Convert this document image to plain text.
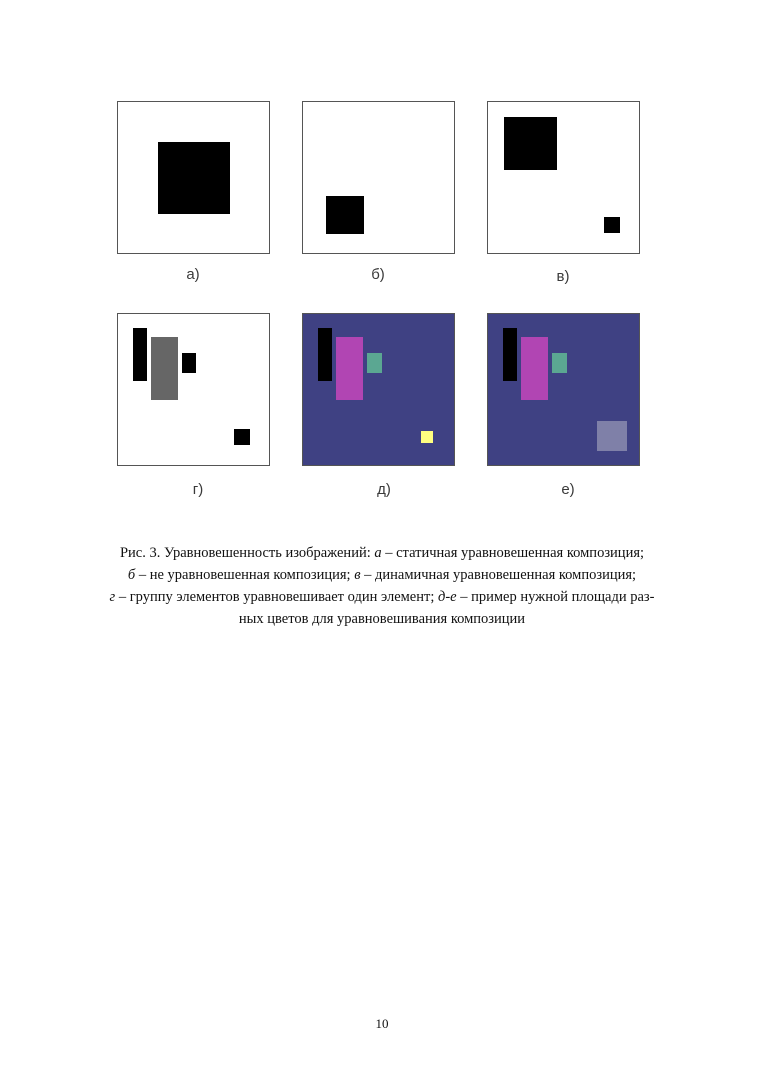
а)	б)	в)
г)	д)	е)
Рис. 3. Уравновешенность изображений: а – статичная уравновешенная композиция;
б – не уравновешенная композиция; в – динамичная уравновешенная композиция;
г – группу элементов уравновешивает один элемент; д-е – пример нужной площади раз-
ных цветов для уравновешивания композиции
10
